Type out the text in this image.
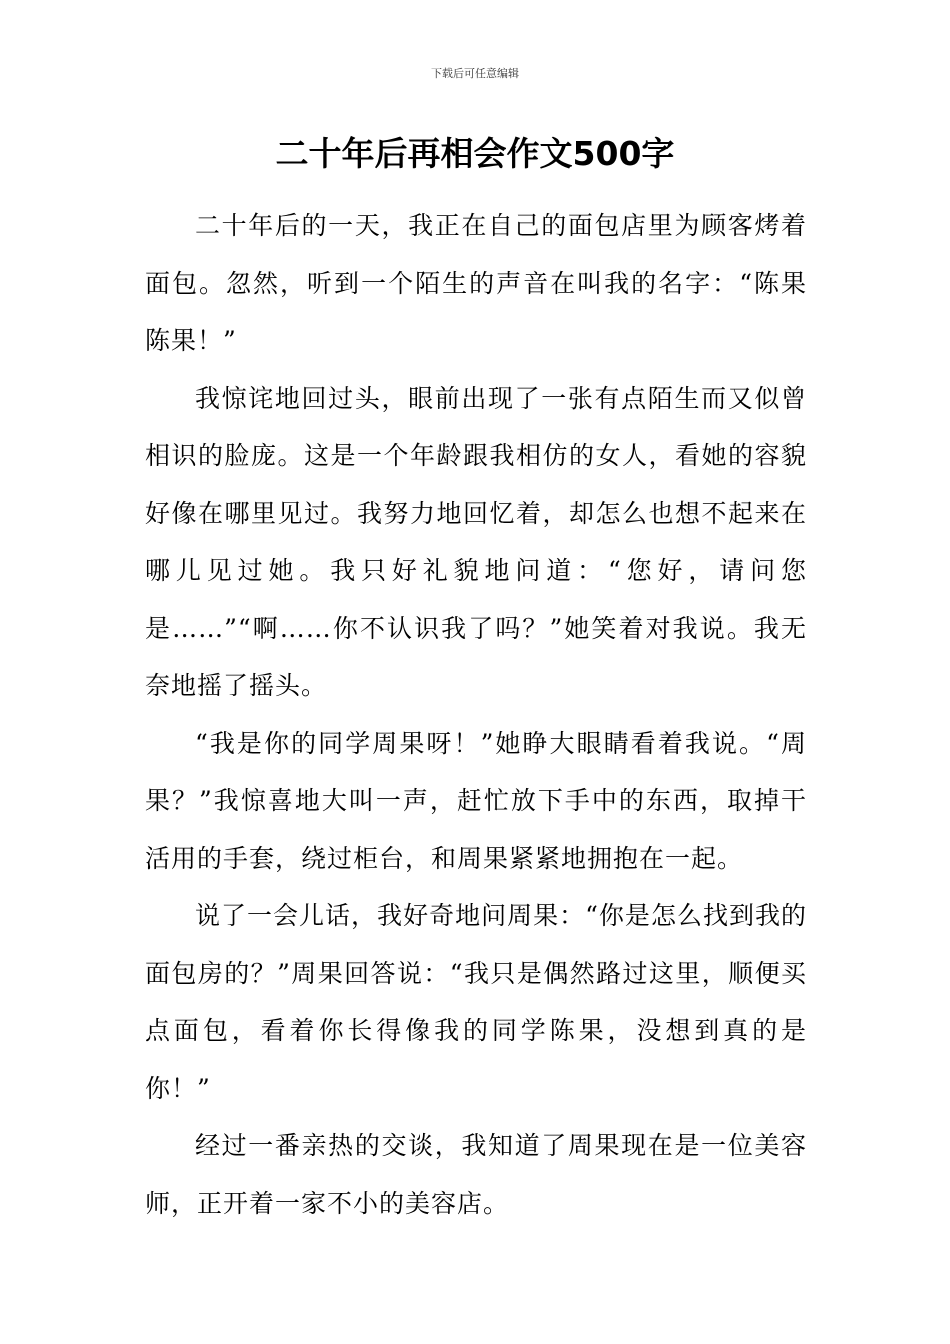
下载后可任意编辑
二十年后再相会作文500字

二十年后的一天，我正在自己的面包店里为顾客烤着面包。忽然，听到一个陌生的声音在叫我的名字：“陈果陈果！”

我惊诧地回过头，眼前出现了一张有点陌生而又似曾相识的脸庞。这是一个年龄跟我相仿的女人，看她的容貌好像在哪里见过。我努力地回忆着，却怎么也想不起来在哪儿见过她。我只好礼貌地问道：“您好，请问您是……”“啊……你不认识我了吗？”她笑着对我说。我无奈地摇了摇头。

“我是你的同学周果呀！”她睁大眼睛看着我说。“周果？”我惊喜地大叫一声，赶忙放下手中的东西，取掉干活用的手套，绕过柜台，和周果紧紧地拥抱在一起。

说了一会儿话，我好奇地问周果：“你是怎么找到我的面包房的？”周果回答说：“我只是偶然路过这里，顺便买点面包，看着你长得像我的同学陈果，没想到真的是你！”

经过一番亲热的交谈，我知道了周果现在是一位美容师，正开着一家不小的美容店。
